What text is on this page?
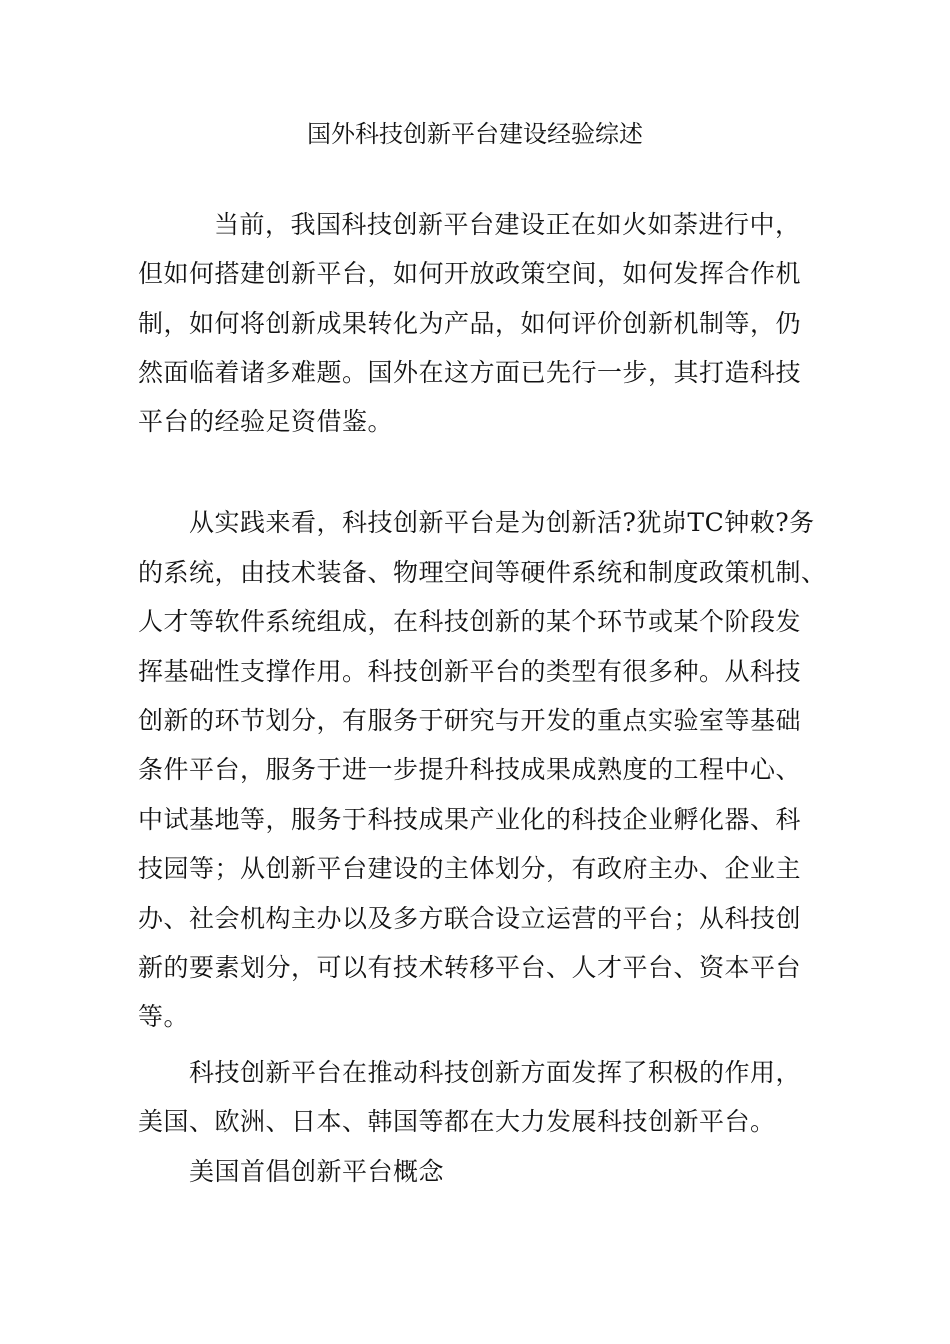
国外科技创新平台建设经验综述
当前，我国科技创新平台建设正在如火如荼进行中，
但如何搭建创新平台，如何开放政策空间，如何发挥合作机
制，如何将创新成果转化为产品，如何评价创新机制等，仍
然面临着诸多难题。国外在这方面已先行一步，其打造科技
平台的经验足资借鉴。
从实践来看，科技创新平台是为创新活?犹峁TC钟敕?务
的系统，由技术装备、物理空间等硬件系统和制度政策机制、
人才等软件系统组成，在科技创新的某个环节或某个阶段发
挥基础性支撑作用。科技创新平台的类型有很多种。从科技
创新的环节划分，有服务于研究与开发的重点实验室等基础
条件平台，服务于进一步提升科技成果成熟度的工程中心、
中试基地等，服务于科技成果产业化的科技企业孵化器、科
技园等；从创新平台建设的主体划分，有政府主办、企业主
办、社会机构主办以及多方联合设立运营的平台；从科技创
新的要素划分，可以有技术转移平台、人才平台、资本平台
等。
科技创新平台在推动科技创新方面发挥了积极的作用，
美国、欧洲、日本、韩国等都在大力发展科技创新平台。
美国首倡创新平台概念
